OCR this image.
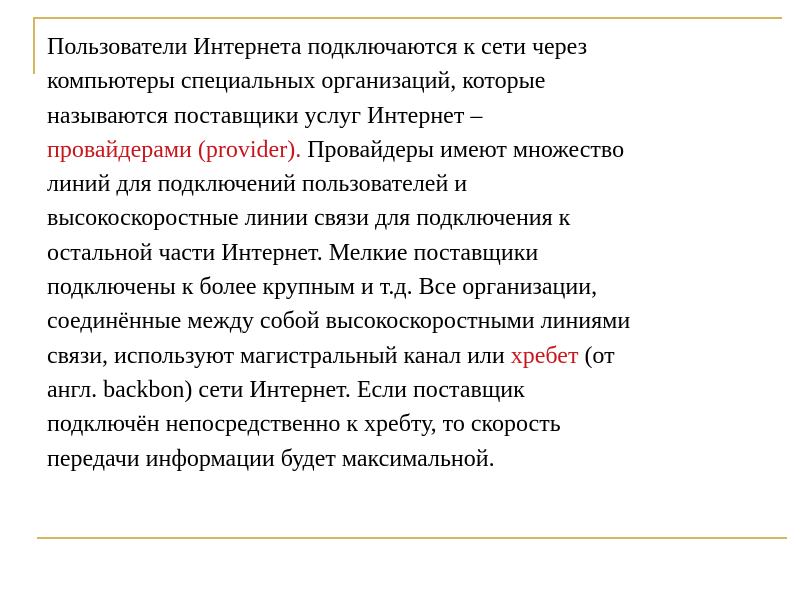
Пользователи Интернета подключаются к сети через
компьютеры специальных организаций, которые
называются поставщики услуг Интернет –
провайдерами (provider). Провайдеры имеют множество
линий для подключений пользователей и
высокоскоростные линии связи для подключения к
остальной части Интернет. Мелкие поставщики
подключены к более крупным и т.д. Все организации,
соединённые между собой высокоскоростными линиями
связи, используют магистральный канал или хребет (от
англ. backbon) сети Интернет. Если поставщик
подключён непосредственно к хребту, то скорость
передачи информации будет максимальной.
